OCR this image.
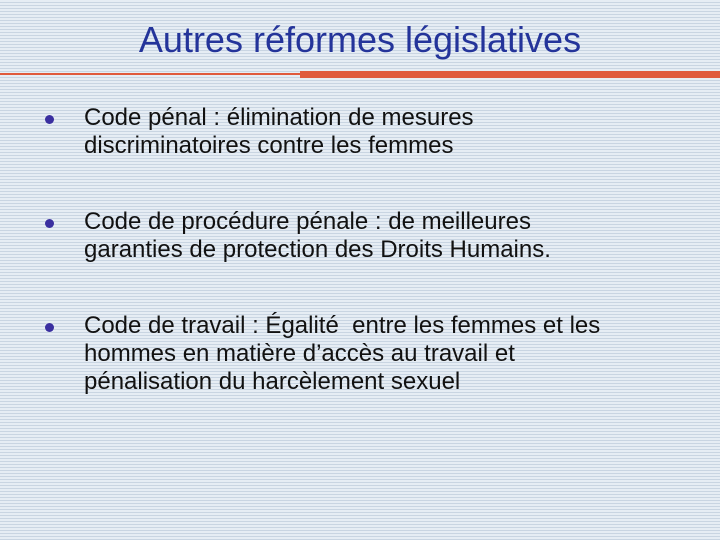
Autres réformes législatives
Code pénal : élimination de mesures
discriminatoires contre les femmes
Code de procédure pénale : de meilleures
garanties de protection des Droits Humains.
Code de travail : Égalité  entre les femmes et les
hommes en matière d’accès au travail et
pénalisation du harcèlement sexuel
